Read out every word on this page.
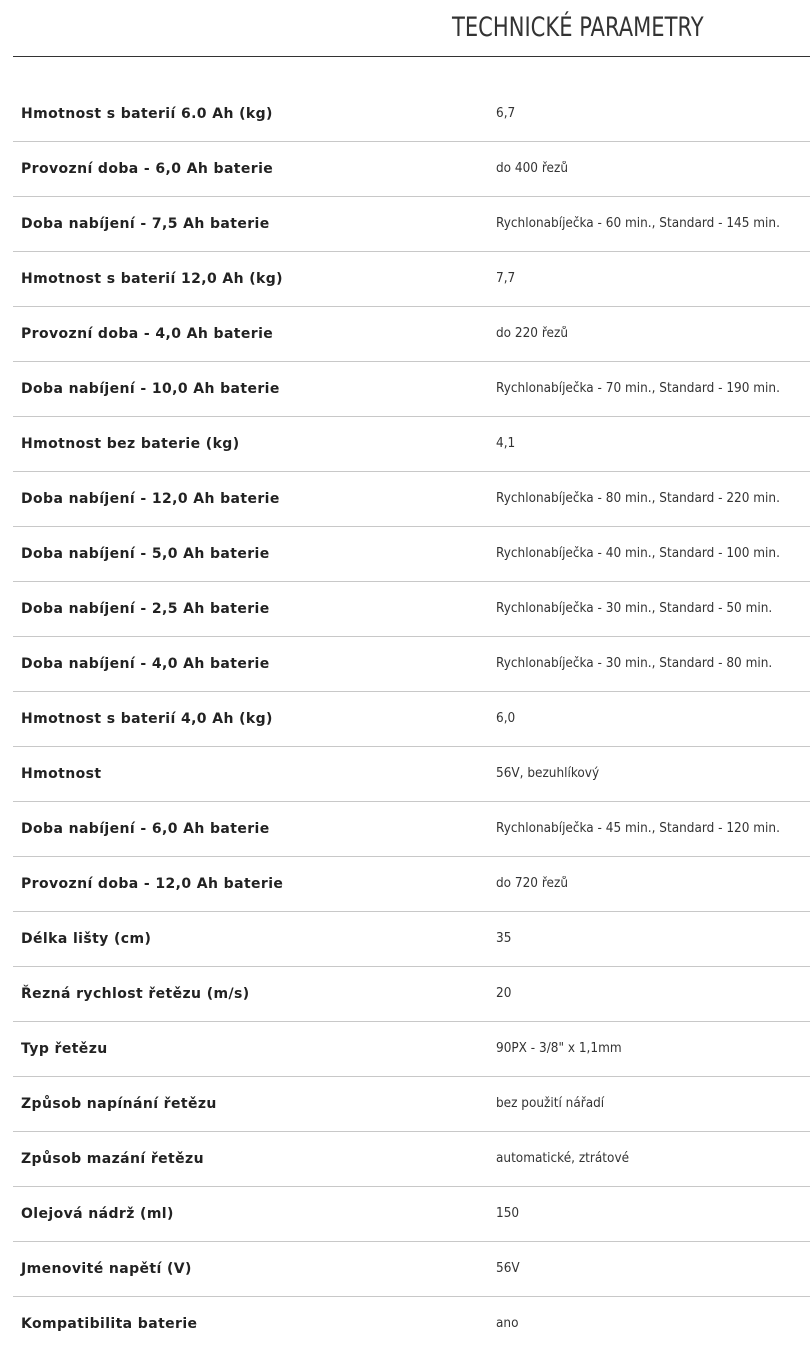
TECHNICKÉ PARAMETRY
Hmotnost s baterií 6.0 Ah (kg)	6,7
Provozní doba - 6,0 Ah baterie	do 400 řezů
Doba nabíjení - 7,5 Ah baterie	Rychlonabíječka - 60 min., Standard - 145 min.
Hmotnost s baterií 12,0 Ah (kg)	7,7
Provozní doba - 4,0 Ah baterie	do 220 řezů
Doba nabíjení - 10,0 Ah baterie	Rychlonabíječka - 70 min., Standard - 190 min.
Hmotnost bez baterie (kg)	4,1
Doba nabíjení - 12,0 Ah baterie	Rychlonabíječka - 80 min., Standard - 220 min.
Doba nabíjení - 5,0 Ah baterie	Rychlonabíječka - 40 min., Standard - 100 min.
Doba nabíjení - 2,5 Ah baterie	Rychlonabíječka - 30 min., Standard - 50 min.
Doba nabíjení - 4,0 Ah baterie	Rychlonabíječka - 30 min., Standard - 80 min.
Hmotnost s baterií 4,0 Ah (kg)	6,0
Hmotnost	56V, bezuhlíkový
Doba nabíjení - 6,0 Ah baterie	Rychlonabíječka - 45 min., Standard - 120 min.
Provozní doba - 12,0 Ah baterie	do 720 řezů
Délka lišty (cm)	35
Řezná rychlost řetězu (m/s)	20
Typ řetězu	90PX - 3/8" x 1,1mm
Způsob napínání řetězu	bez použití nářadí
Způsob mazání řetězu	automatické, ztrátové
Olejová nádrž (ml)	150
Jmenovité napětí (V)	56V
Kompatibilita baterie	ano
